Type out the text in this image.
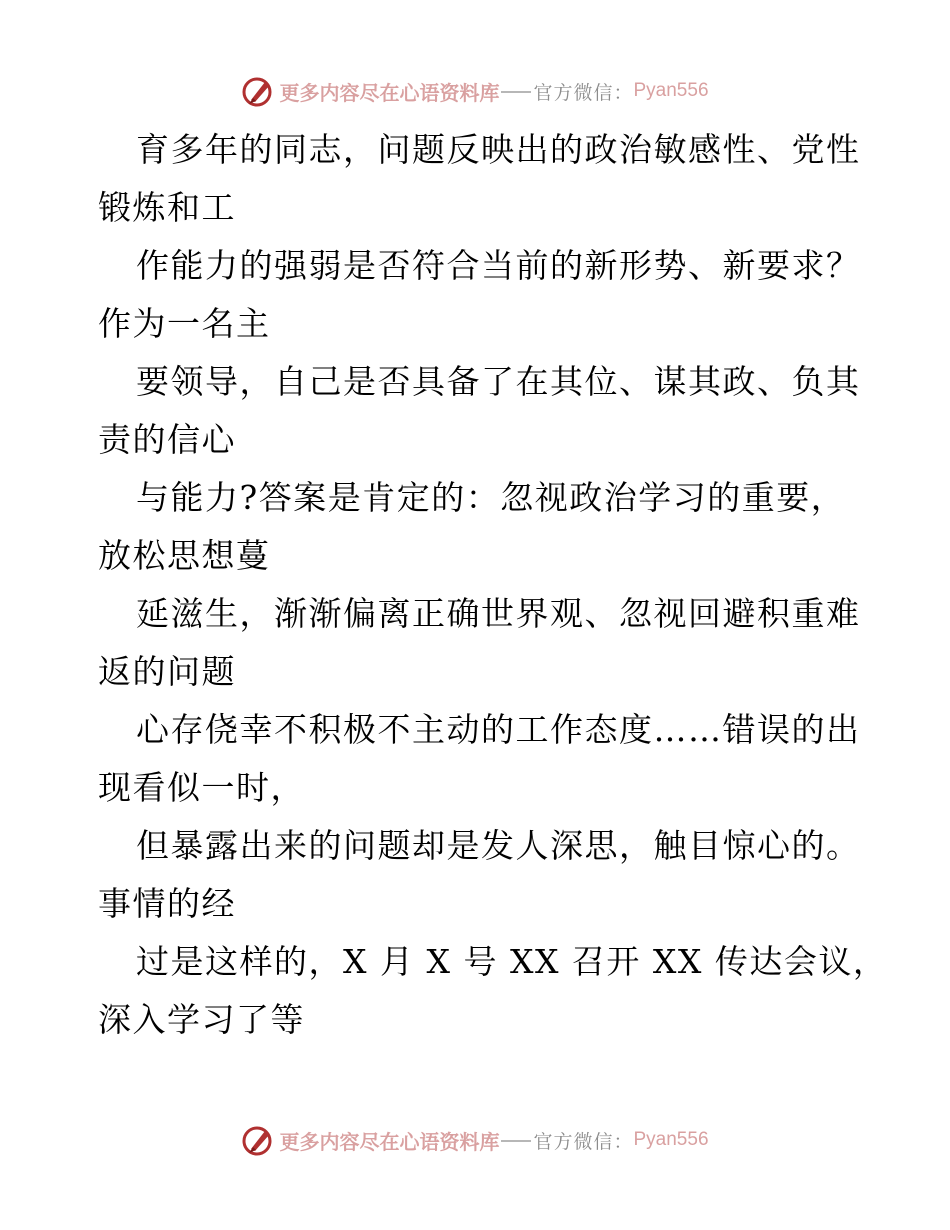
更多内容尽在心语资料库 官方微信： Pyan556
育多年的同志，问题反映出的政治敏感性、党性
锻炼和工
作能力的强弱是否符合当前的新形势、新要求？
作为一名主
要领导，自己是否具备了在其位、谋其政、负其
责的信心
与能力?答案是肯定的：忽视政治学习的重要，
放松思想蔓
延滋生，渐渐偏离正确世界观、忽视回避积重难
返的问题
心存侥幸不积极不主动的工作态度……错误的出
现看似一时，
但暴露出来的问题却是发人深思，触目惊心的。
事情的经
过是这样的，X 月 X 号 XX 召开 XX 传达会议，
深入学习了等
更多内容尽在心语资料库 官方微信： Pyan556
